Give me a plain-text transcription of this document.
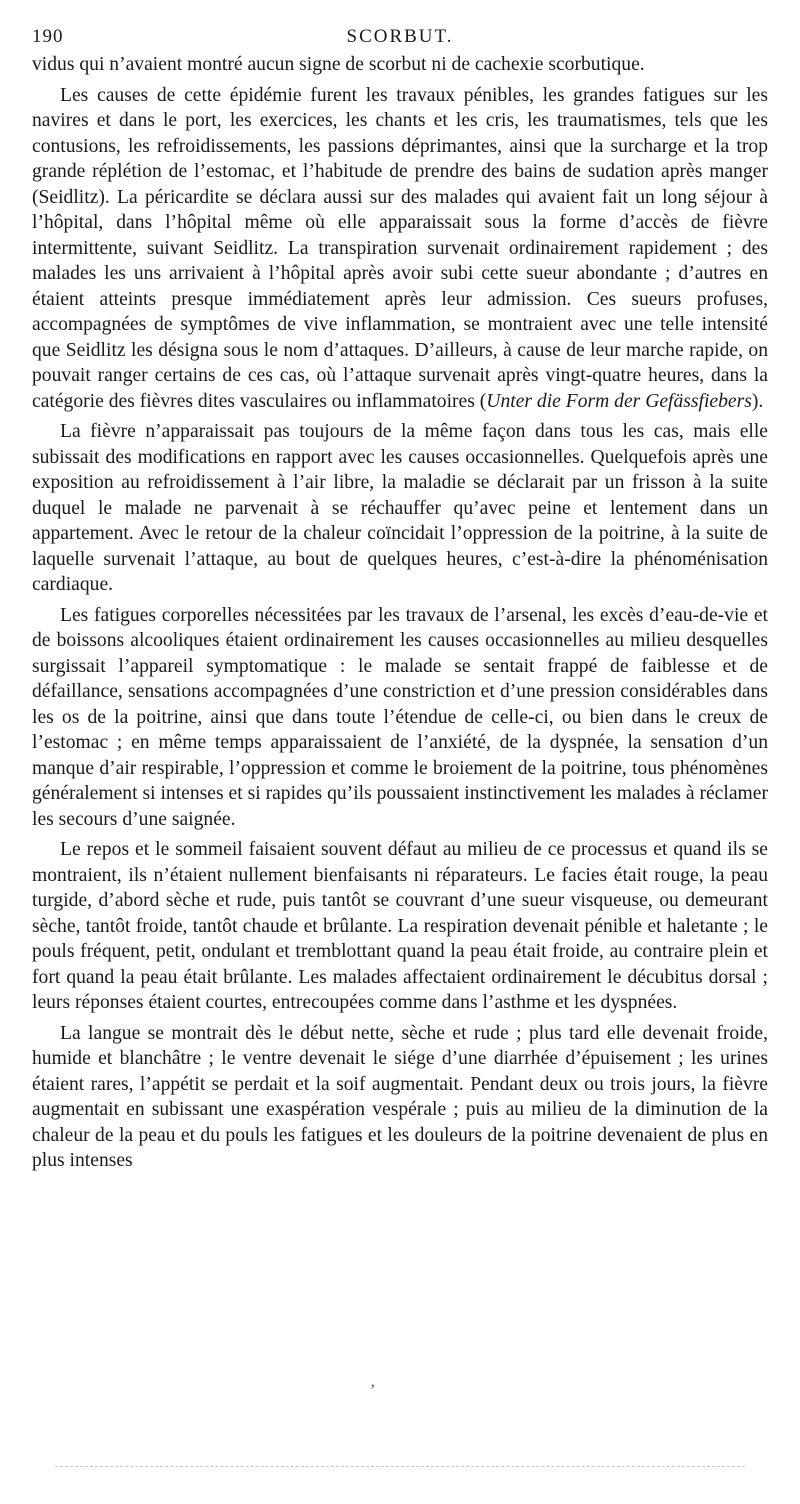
190	SCORBUT.

vidus qui n’avaient montré aucun signe de scorbut ni de cachexie scorbutique.

Les causes de cette épidémie furent les travaux pénibles, les grandes fatigues sur les navires et dans le port, les exercices, les chants et les cris, les traumatismes, tels que les contusions, les refroidissements, les passions déprimantes, ainsi que la surcharge et la trop grande réplétion de l’estomac, et l’habitude de prendre des bains de sudation après manger (Seidlitz). La péricardite se déclara aussi sur des malades qui avaient fait un long séjour à l’hôpital, dans l’hôpital même où elle apparaissait sous la forme d’accès de fièvre intermittente, suivant Seidlitz. La transpiration survenait ordinairement rapidement ; des malades les uns arrivaient à l’hôpital après avoir subi cette sueur abondante ; d’autres en étaient atteints presque immédiatement après leur admission. Ces sueurs profuses, accompagnées de symptômes de vive inflammation, se montraient avec une telle intensité que Seidlitz les désigna sous le nom d’attaques. D’ailleurs, à cause de leur marche rapide, on pouvait ranger certains de ces cas, où l’attaque survenait après vingt-quatre heures, dans la catégorie des fièvres dites vasculaires ou inflammatoires (Unter die Form der Gefässfiebers).

La fièvre n’apparaissait pas toujours de la même façon dans tous les cas, mais elle subissait des modifications en rapport avec les causes occasionnelles. Quelquefois après une exposition au refroidissement à l’air libre, la maladie se déclarait par un frisson à la suite duquel le malade ne parvenait à se réchauffer qu’avec peine et lentement dans un appartement. Avec le retour de la chaleur coïncidait l’oppression de la poitrine, à la suite de laquelle survenait l’attaque, au bout de quelques heures, c’est-à-dire la phénoménisation cardiaque.

Les fatigues corporelles nécessitées par les travaux de l’arsenal, les excès d’eau-de-vie et de boissons alcooliques étaient ordinairement les causes occasionnelles au milieu desquelles surgissait l’appareil symptomatique : le malade se sentait frappé de faiblesse et de défaillance, sensations accompagnées d’une constriction et d’une pression considérables dans les os de la poitrine, ainsi que dans toute l’étendue de celle-ci, ou bien dans le creux de l’estomac ; en même temps apparaissaient de l’anxiété, de la dyspnée, la sensation d’un manque d’air respirable, l’oppression et comme le broiement de la poitrine, tous phénomènes généralement si intenses et si rapides qu’ils poussaient instinctivement les malades à réclamer les secours d’une saignée.

Le repos et le sommeil faisaient souvent défaut au milieu de ce processus et quand ils se montraient, ils n’étaient nullement bienfaisants ni réparateurs. Le facies était rouge, la peau turgide, d’abord sèche et rude, puis tantôt se couvrant d’une sueur visqueuse, ou demeurant sèche, tantôt froide, tantôt chaude et brûlante. La respiration devenait pénible et haletante ; le pouls fréquent, petit, ondulant et tremblottant quand la peau était froide, au contraire plein et fort quand la peau était brûlante. Les malades affectaient ordinairement le décubitus dorsal ; leurs réponses étaient courtes, entrecoupées comme dans l’asthme et les dyspnées.

La langue se montrait dès le début nette, sèche et rude ; plus tard elle devenait froide, humide et blanchâtre ; le ventre devenait le siége d’une diarrhée d’épuisement ; les urines étaient rares, l’appétit se perdait et la soif augmentait. Pendant deux ou trois jours, la fièvre augmentait en subissant une exaspération vespérale ; puis au milieu de la diminution de la chaleur de la peau et du pouls les fatigues et les douleurs de la poitrine devenaient de plus en plus intenses

’
